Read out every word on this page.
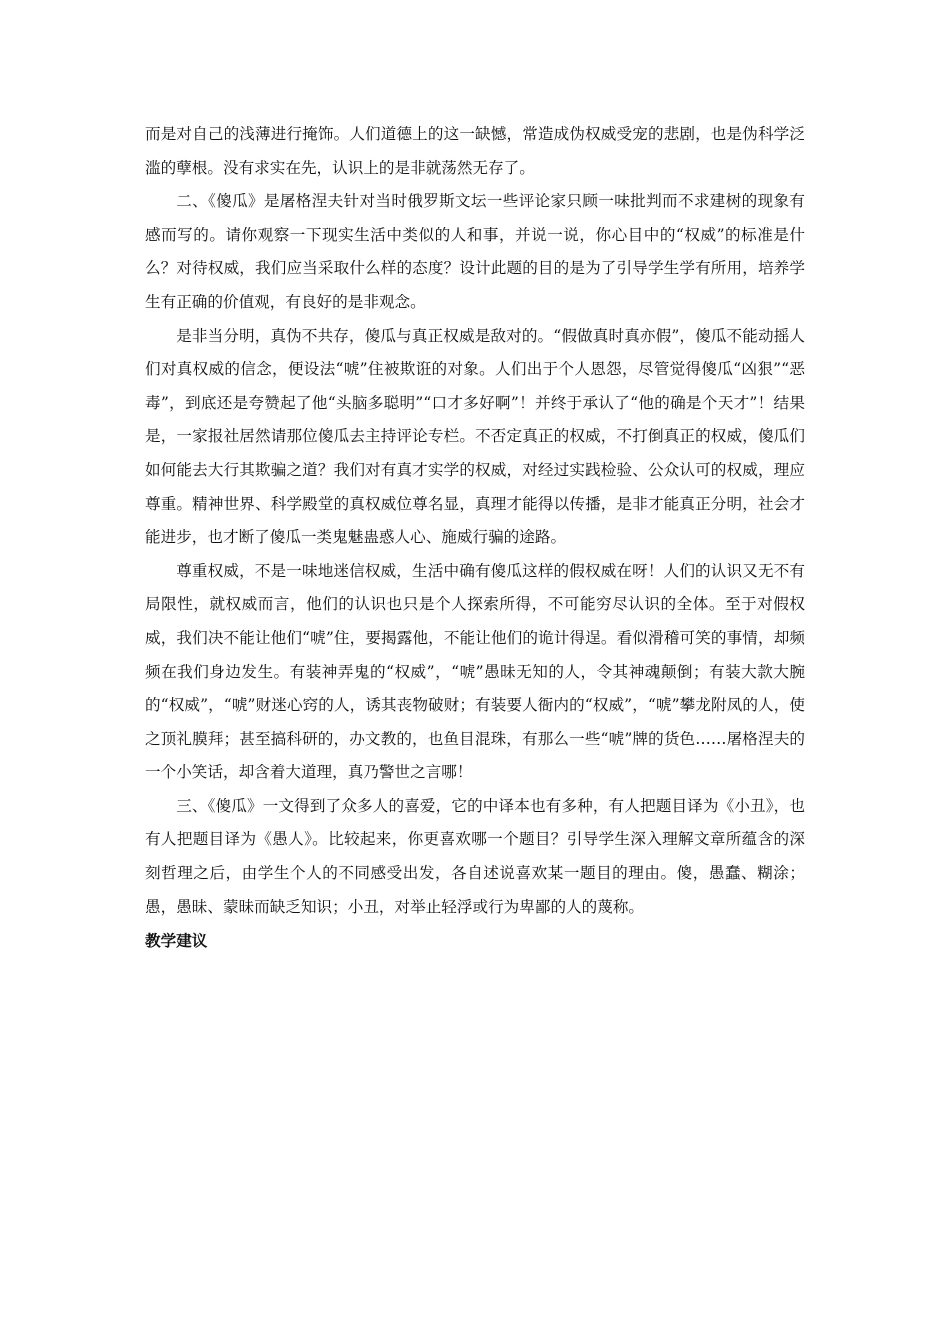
而是对自己的浅薄进行掩饰。人们道德上的这一缺憾，常造成伪权威受宠的悲剧，也是伪科学泛滥的孽根。没有求实在先，认识上的是非就荡然无存了。

二、《傻瓜》是屠格涅夫针对当时俄罗斯文坛一些评论家只顾一味批判而不求建树的现象有感而写的。请你观察一下现实生活中类似的人和事，并说一说，你心目中的“权威”的标准是什么？对待权威，我们应当采取什么样的态度？设计此题的目的是为了引导学生学有所用，培养学生有正确的价值观，有良好的是非观念。

是非当分明，真伪不共存，傻瓜与真正权威是敌对的。“假做真时真亦假”，傻瓜不能动摇人们对真权威的信念，便设法“唬”住被欺诳的对象。人们出于个人恩怨，尽管觉得傻瓜“凶狠”“恶毒”，到底还是夸赞起了他“头脑多聪明”“口才多好啊”！并终于承认了“他的确是个天才”！结果是，一家报社居然请那位傻瓜去主持评论专栏。不否定真正的权威，不打倒真正的权威，傻瓜们如何能去大行其欺骗之道？我们对有真才实学的权威，对经过实践检验、公众认可的权威，理应尊重。精神世界、科学殿堂的真权威位尊名显，真理才能得以传播，是非才能真正分明，社会才能进步，也才断了傻瓜一类鬼魅蛊惑人心、施威行骗的途路。

尊重权威，不是一味地迷信权威，生活中确有傻瓜这样的假权威在呀！人们的认识又无不有局限性，就权威而言，他们的认识也只是个人探索所得，不可能穷尽认识的全体。至于对假权威，我们决不能让他们“唬”住，要揭露他，不能让他们的诡计得逞。看似滑稽可笑的事情，却频频在我们身边发生。有装神弄鬼的“权威”，“唬”愚昧无知的人，令其神魂颠倒；有装大款大腕的“权威”，“唬”财迷心窍的人，诱其丧物破财；有装要人衙内的“权威”，“唬”攀龙附凤的人，使之顶礼膜拜；甚至搞科研的，办文教的，也鱼目混珠，有那么一些“唬”牌的货色……屠格涅夫的一个小笑话，却含着大道理，真乃警世之言哪！

三、《傻瓜》一文得到了众多人的喜爱，它的中译本也有多种，有人把题目译为《小丑》，也有人把题目译为《愚人》。比较起来，你更喜欢哪一个题目？引导学生深入理解文章所蕴含的深刻哲理之后，由学生个人的不同感受出发，各自述说喜欢某一题目的理由。傻，愚蠢、糊涂；愚，愚昧、蒙昧而缺乏知识；小丑，对举止轻浮或行为卑鄙的人的蔑称。

教学建议
